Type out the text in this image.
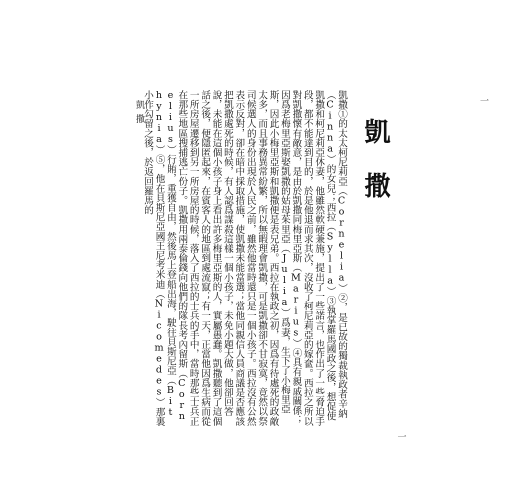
凱撒

凱撒①的太太柯尼莉亞（Cornelia）②，是已故的獨裁執政者辛納（Cinna）的女兒；西拉（Sylla）③執掌羅馬國政之後，想促使凱撒和柯尼莉亞休妻，他雖然軟硬兼施，提出了一些諾言，也作出了一些脅迫手段，都不能達到目的，於是他退而求其次，沒收了柯尼莉亞的嫁奩。西拉之所以對凱撒懷有敵意，是由於凱撒同梅里亞斯（Marius）④具有親戚關係；因爲老梅里亞斯娶凱撒的姑母茱里亞（Julia）爲妻，生下了小梅里亞斯，因此小梅里亞斯和凱撒便是表兄弟。西拉在執政之初，因爲有待處死的政敵太多，而且事務異常紛繁，所以無暇理會凱撒，可是凱撒卻不甘寂寞，竟然以祭司候選人的身份出現於人民之前，雖然他當時還只是一個小孩子。西拉沒有公然表示反對，卻在暗中採取措施，使凱撒未能當選；當他同親信人員商議是否應該把凱撒處死的時候，有人認爲謀殺這樣一個小孩子，未免小題大做，他卻回答說，未能在這個小孩子身上看出許多梅里亞斯的人，實屬愚蠢。凱撒聽到了這個話之後，便隱匿起來，在賓客人的地區到處流竄；有一天，正當他因爲生病而從一所房屋遷移到另一所房屋的時候，落入了西拉的士兵的手中，當時那些士兵正在那些地區搜捕逃亡份子。凱撒用兩泰倫錢向他們的隊長考內留斯（Cornelius）行賄，重獲自由，然後馬上登船出海，駛往貝斯尼亞（Bithynia）⑤，他在貝斯尼亞國王尼考米迪（Nicomedes）那裏小作勾留之後，於返回羅馬的

凱撒	一
一
